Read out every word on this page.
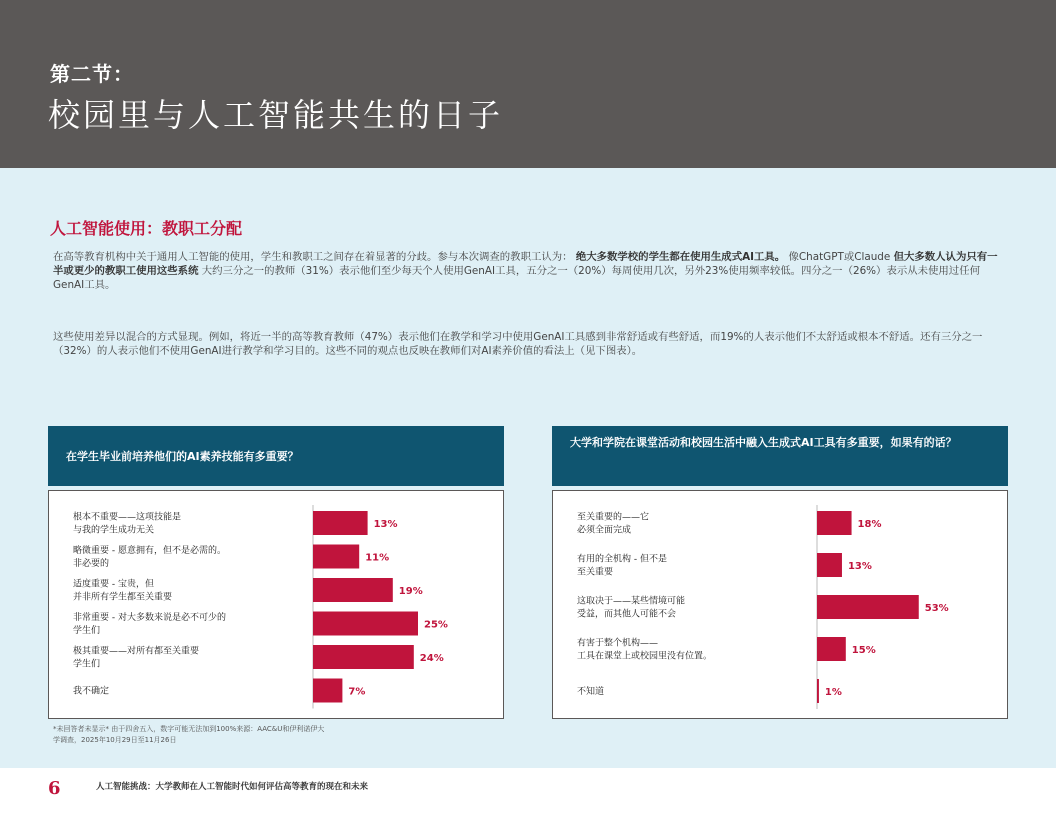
第二节：
校园里与人工智能共生的日子
人工智能使用：教职工分配
在高等教育机构中关于通用人工智能的使用，学生和教职工之间存在着显著的分歧。参与本次调查的教职工认为： 绝大多数学校的学生都在使用生成式AI工具。 像ChatGPT或Claude 但大多数人认为只有一半或更少的教职工使用这些系统 大约三分之一的教师（31%）表示他们至少每天个人使用GenAI工具，五分之一（20%）每周使用几次，另外23%使用频率较低。四分之一（26%）表示从未使用过任何GenAI工具。
这些使用差异以混合的方式显现。例如，将近一半的高等教育教师（47%）表示他们在教学和学习中使用GenAI工具感到非常舒适或有些舒适，而19%的人表示他们不太舒适或根本不舒适。还有三分之一（32%）的人表示他们不使用GenAI进行教学和学习目的。这些不同的观点也反映在教师们对AI素养价值的看法上（见下图表）。
在学生毕业前培养他们的AI素养技能有多重要？
大学和学院在课堂活动和校园生活中融入生成式AI工具有多重要，如果有的话？
13%
根本不重要——这项技能是
与我的学生成功无关
11%
略微重要 - 愿意拥有，但不是必需的。
非必要的
19%
适度重要 - 宝贵，但
并非所有学生都至关重要
25%
非常重要 - 对大多数来说是必不可少的
学生们
24%
极其重要——对所有都至关重要
学生们
7%
我不确定
18%
至关重要的——它
必须全面完成
13%
有用的全机构 - 但不是
至关重要
53%
这取决于——某些情境可能
受益，而其他人可能不会
15%
有害于整个机构——
工具在课堂上或校园里没有位置。
1%
不知道
*未回答者未显示* 由于四舍五入，数字可能无法加到100%来源：AAC&U和伊利诺伊大
学调查，2025年10月29日至11月26日
6	人工智能挑战：大学教师在人工智能时代如何评估高等教育的现在和未来
